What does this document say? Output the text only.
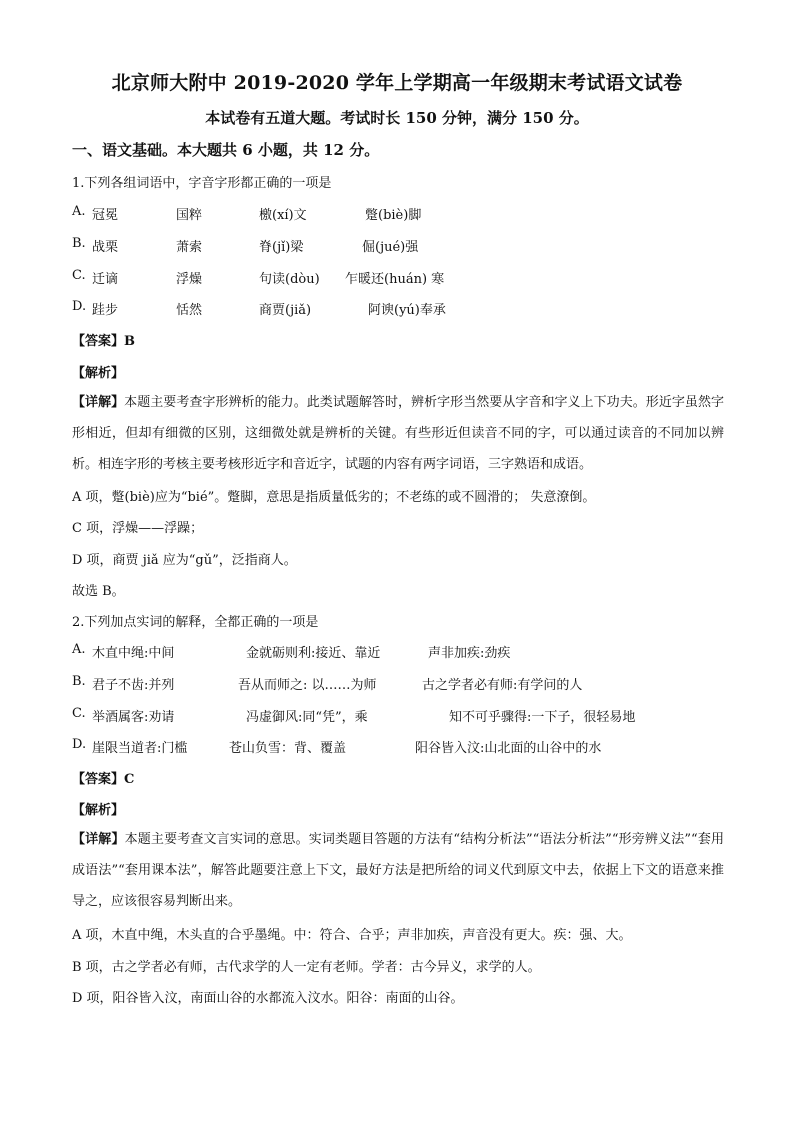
北京师大附中 2019-2020 学年上学期高一年级期末考试语文试卷
本试卷有五道大题。考试时长 150 分钟，满分 150 分。
一、语文基础。本大题共 6 小题，共 12 分。
1.下列各组词语中，字音字形都正确的一项是
A. 冠冕	国粹	檄(xí)文	蹩(biè)脚
B. 战栗	萧索	脊(jǐ)梁	倔(jué)强
C. 迁谪	浮燥	句读(dòu) 乍暖还(huán) 寒
D. 跬步	恬然	商贾(jiǎ)	阿谀(yú)奉承
【答案】B
【解析】
【详解】本题主要考查字形辨析的能力。此类试题解答时，辨析字形当然要从字音和字义上下功夫。形近字虽然字形相近，但却有细微的区别，这细微处就是辨析的关键。有些形近但读音不同的字，可以通过读音的不同加以辨析。相连字形的考核主要考核形近字和音近字，试题的内容有两字词语，三字熟语和成语。
A 项，蹩(biè)应为“bié”。蹩脚，意思是指质量低劣的；不老练的或不圆滑的； 失意潦倒。
C 项，浮燥——浮躁；
D 项，商贾 jiǎ 应为“gǔ”，泛指商人。
故选 B。
2.下列加点实词的解释，全都正确的一项是
A. 木直中绳:中间	金就砺则利:接近、靠近	声非加疾:劲疾
B. 君子不齿:并列	吾从而师之: 以……为师	古之学者必有师:有学问的人
C. 举酒属客:劝请	冯虚御风:同“凭”，乘	知不可乎骤得:一下子，很轻易地
D. 崖限当道者:门槛	苍山负雪：背、覆盖	阳谷皆入汶:山北面的山谷中的水
【答案】C
【解析】
【详解】本题主要考查文言实词的意思。实词类题目答题的方法有“结构分析法”“语法分析法”“形旁辨义法”“套用成语法”“套用课本法”，解答此题要注意上下文，最好方法是把所给的词义代到原文中去，依据上下文的语意来推导之，应该很容易判断出来。
A 项，木直中绳，木头直的合乎墨绳。中：符合、合乎；声非加疾，声音没有更大。疾：强、大。
B 项，古之学者必有师，古代求学的人一定有老师。学者：古今异义，求学的人。
D 项，阳谷皆入汶，南面山谷的水都流入汶水。阳谷：南面的山谷。
